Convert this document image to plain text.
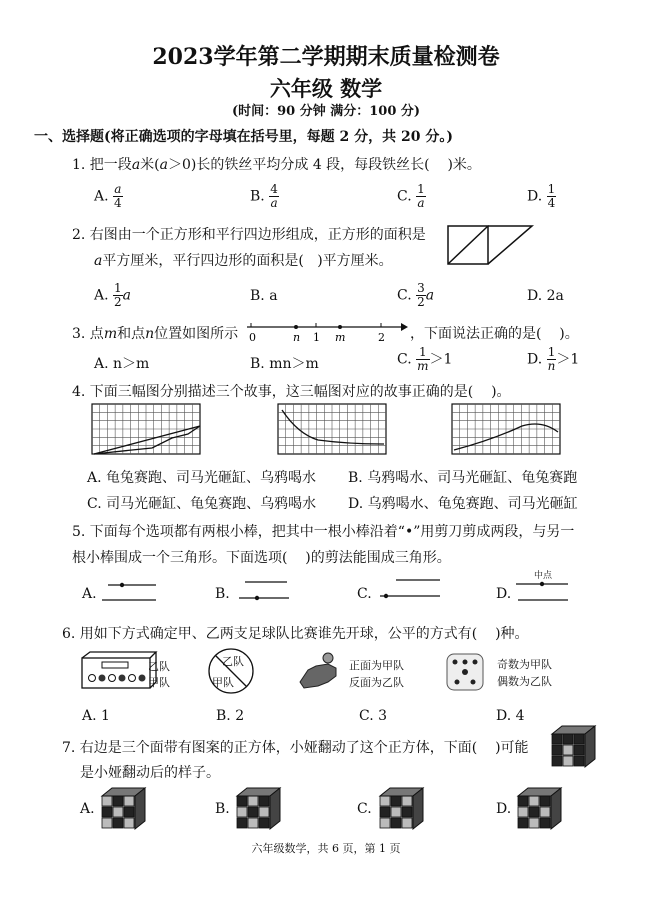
2023学年第二学期期末质量检测卷
六年级 数学
(时间：90 分钟 满分：100 分)
一、选择题(将正确选项的字母填在括号里，每题 2 分，共 20 分。)
1. 把一段a米(a＞0)长的铁丝平均分成 4 段，每段铁丝长( )米。
A. $\frac{a}{4}$	B. $\frac{4}{a}$	C. $\frac{1}{a}$	D. $\frac{1}{4}$
2. 右图由一个正方形和平行四边形组成，正方形的面积是
a平方厘米，平行四边形的面积是( )平方厘米。
A. $\frac{1}{2}$ a	B. a	C. $\frac{3}{2}$ a	D. 2a
3. 点m和点n位置如图所示 0	n 1 m	2 ，下面说法正确的是( )。
A. n＞m	B. mn＞m	C. $\frac{1}{m} >1$	D. $\frac{1}{n} >1$
4. 下面三幅图分别描述三个故事，这三幅图对应的故事正确的是( )。
A. 龟兔赛跑、司马光砸缸、乌鸦喝水 B. 乌鸦喝水、司马光砸缸、龟兔赛跑
C. 司马光砸缸、龟兔赛跑、乌鸦喝水 D. 乌鸦喝水、龟兔赛跑、司马光砸缸
5. 下面每个选项都有两根小棒，把其中一根小棒沿着“•”用剪刀剪成两段，与另一
根小棒围成一个三角形。下面选项( )的剪法能围成三角形。
A.	B.	C.	D.
中点
6. 用如下方式确定甲、乙两支足球队比赛谁先开球，公平的方式有( )种。
乙队
甲队
乙队
甲队
正面为甲队
反面为乙队
奇数为甲队
偶数为乙队
A. 1	B. 2	C. 3	D. 4
7. 右边是三个面带有图案的正方体，小娅翻动了这个正方体，下面( )可能
是小娅翻动后的样子。
A.	B.	C.	D.
六年级数学，共 6 页，第 1 页
